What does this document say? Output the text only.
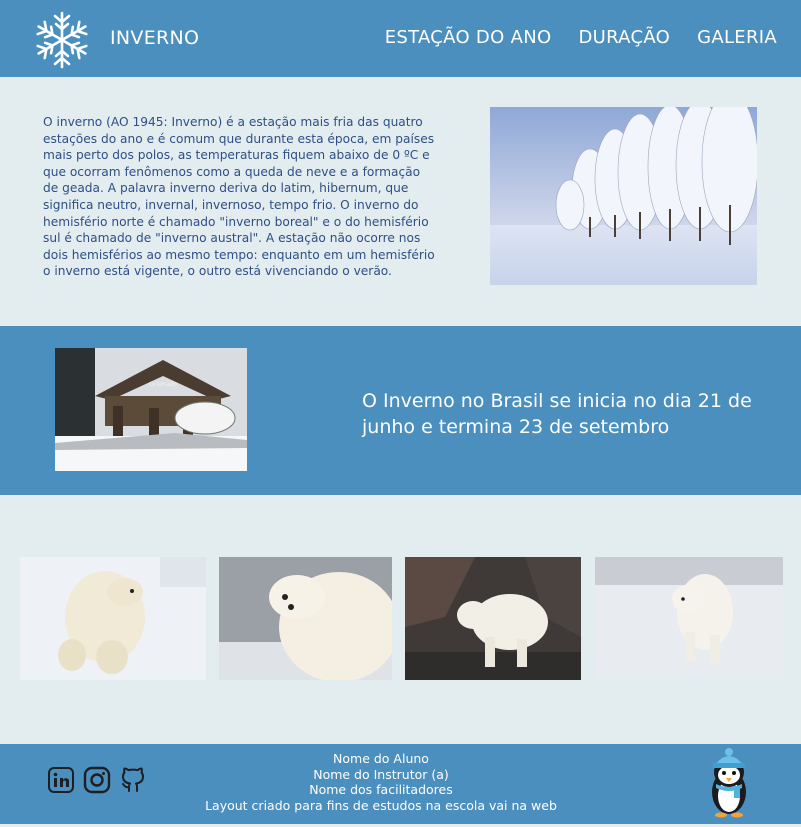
INVERNO	ESTAÇÃO DO ANO DURAÇÃO GALERIA

O inverno (AO 1945: Inverno) é a estação mais fria das quatro estações do ano e é comum que durante esta época, em países mais perto dos polos, as temperaturas fiquem abaixo de 0 ºC e que ocorram fenômenos como a queda de neve e a formação de geada. A palavra inverno deriva do latim, hibernum, que significa neutro, invernal, invernoso, tempo frio. O inverno do hemisfério norte é chamado "inverno boreal" e o do hemisfério sul é chamado de "inverno austral". A estação não ocorre nos dois hemisférios ao mesmo tempo: enquanto em um hemisfério o inverno está vigente, o outro está vivenciando o verão.

Gramado

O Inverno no Brasil se inicia no dia 21 de junho e termina 23 de setembro

Nome do Aluno
Nome do Instrutor (a)
Nome dos facilitadores
Layout criado para fins de estudos na escola vai na web
